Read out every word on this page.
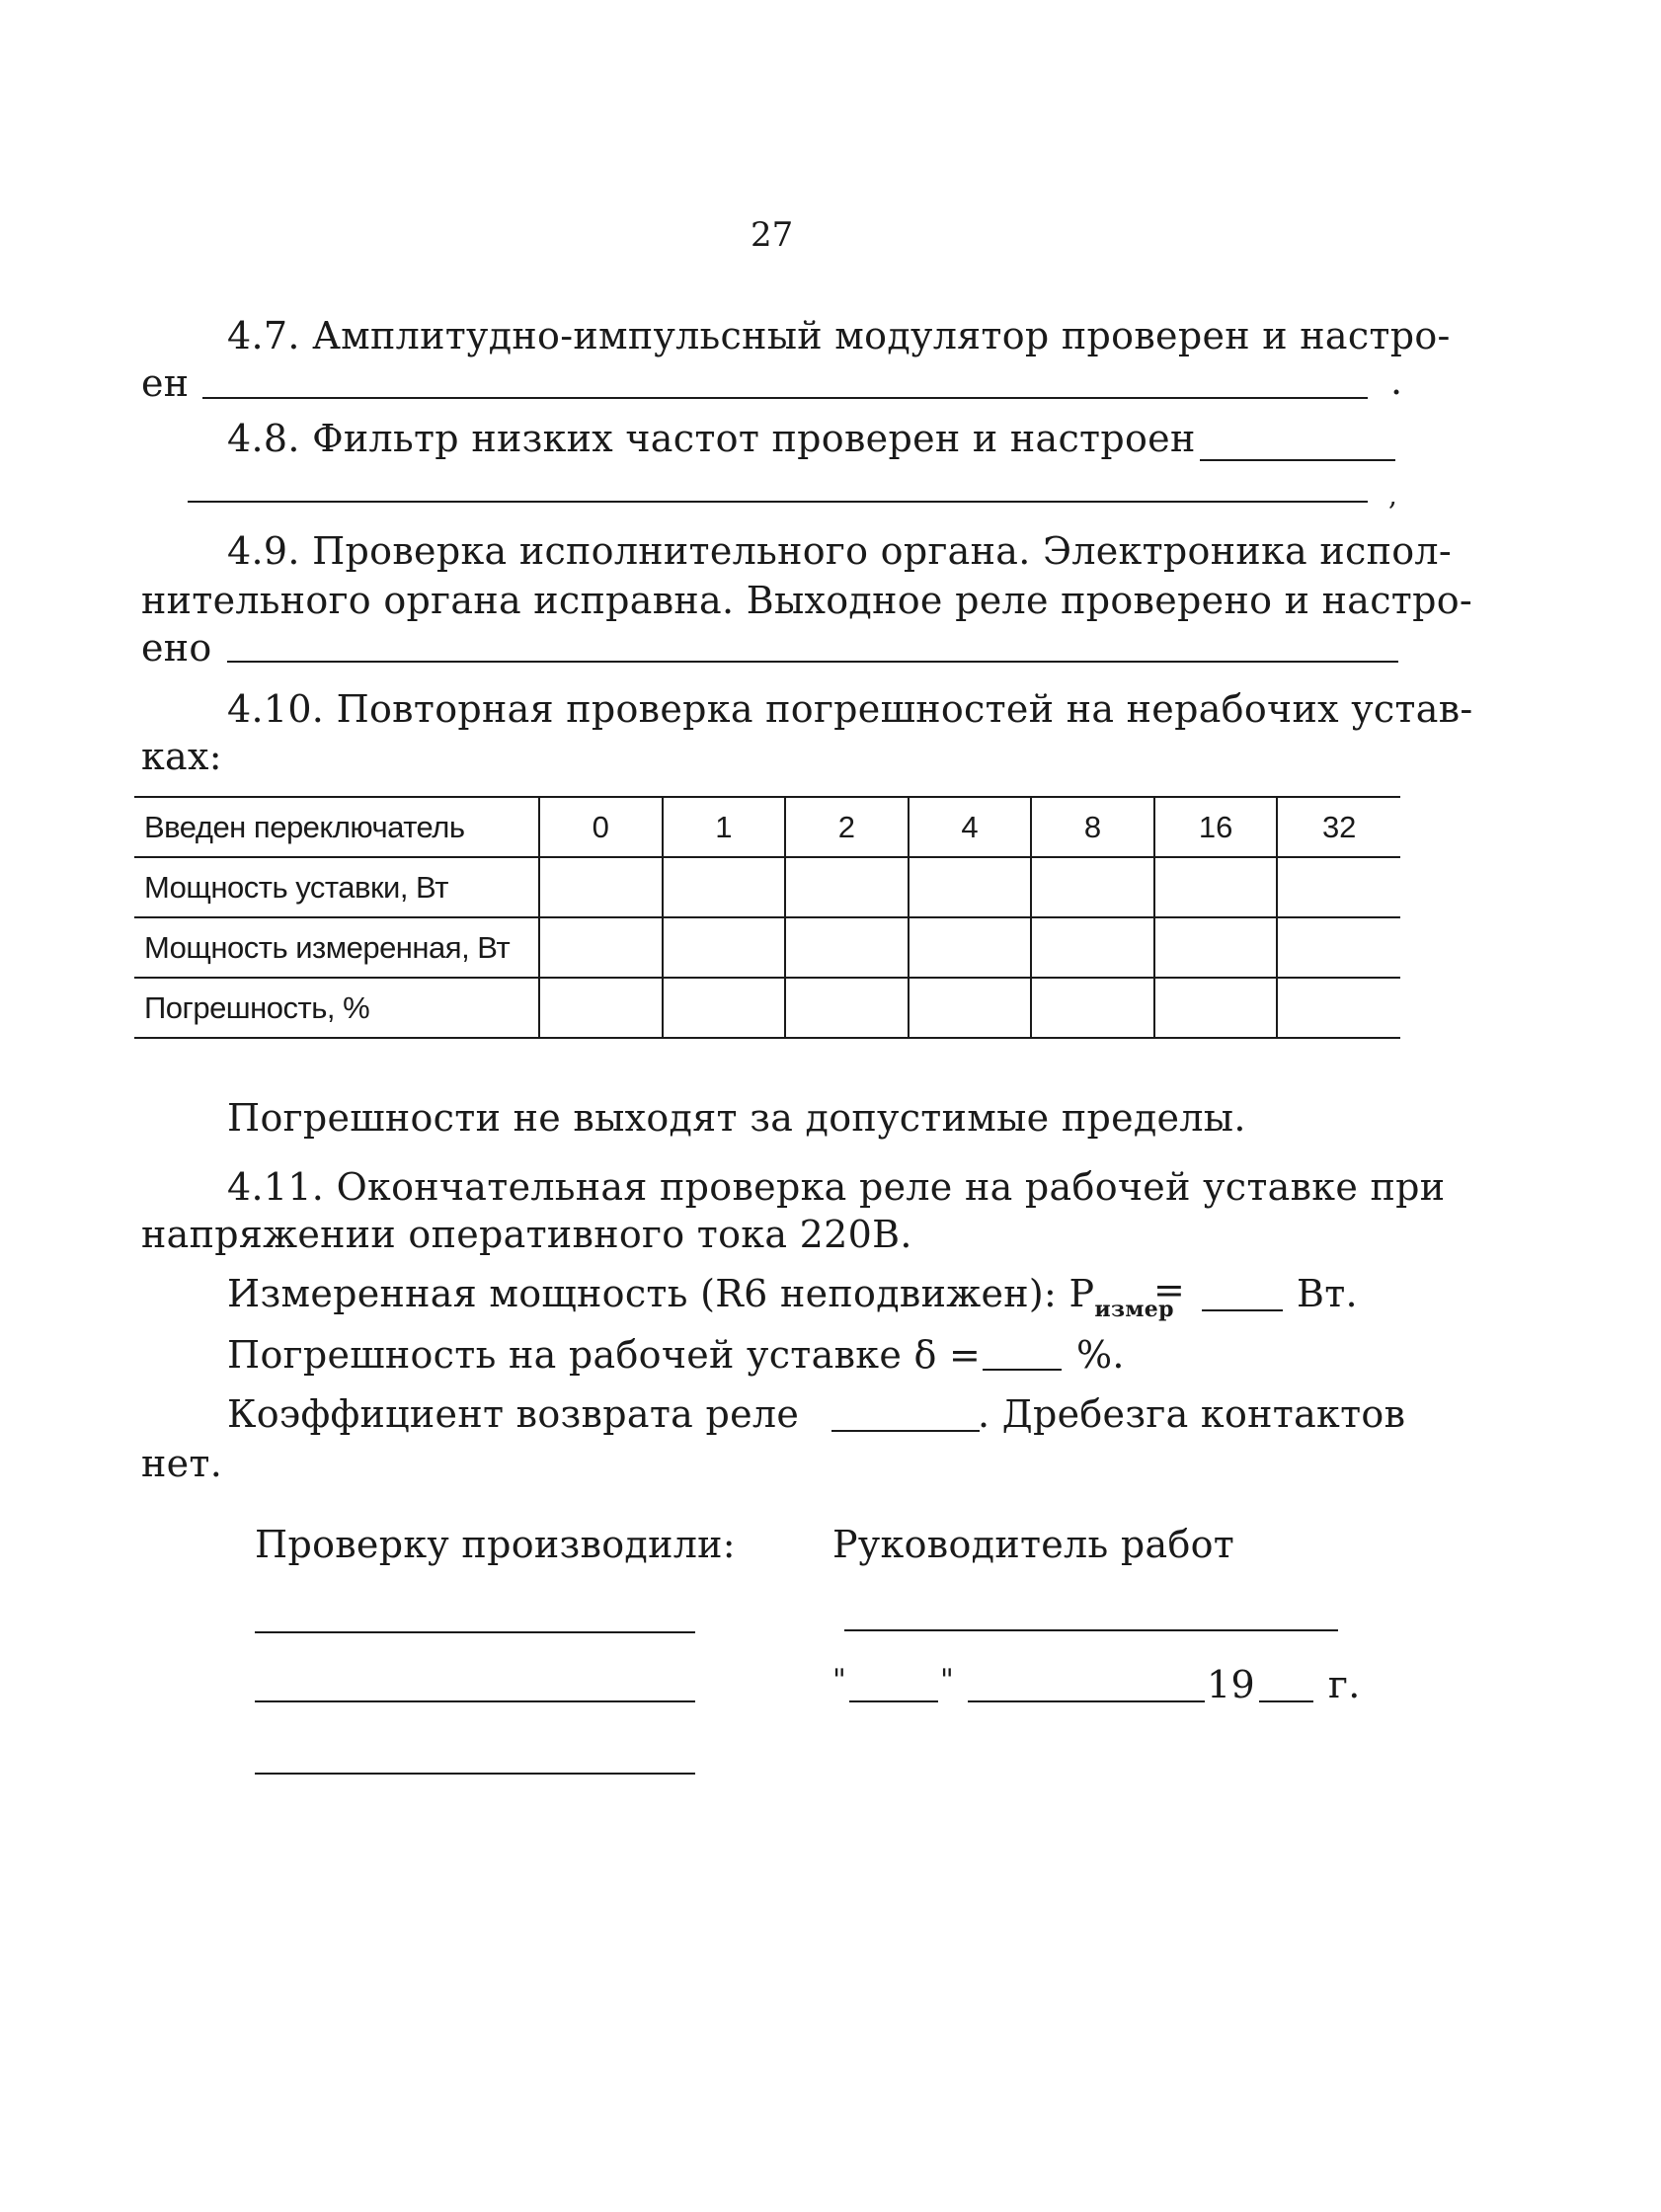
27
4.7. Амплитудно-импульсный модулятор проверен и настро-
ен	.
4.8. Фильтр низких частот проверен и настроен
,
4.9. Проверка исполнительного органа. Электроника испол-
нительного органа исправна. Выходное реле проверено и настро-
ено
4.10. Повторная проверка погрешностей на нерабочих устав-
ках:
Введен переключатель	0	1	2	4	8	16	32
Мощность уставки, Вт							
Мощность измеренная, Вт							
Погрешность, %							
Погрешности не выходят за допустимые пределы.
4.11. Окончательная проверка реле на рабочей уставке при
напряжении оперативного тока 220В.
Измеренная мощность (R6 неподвижен): $P_{измер}$
=	Вт.
Погрешность на рабочей уставке δ =	%.
Коэффициент возврата реле	. Дребезга контактов
нет.
Проверку производили:	Руководитель работ
"	"	19 г.
